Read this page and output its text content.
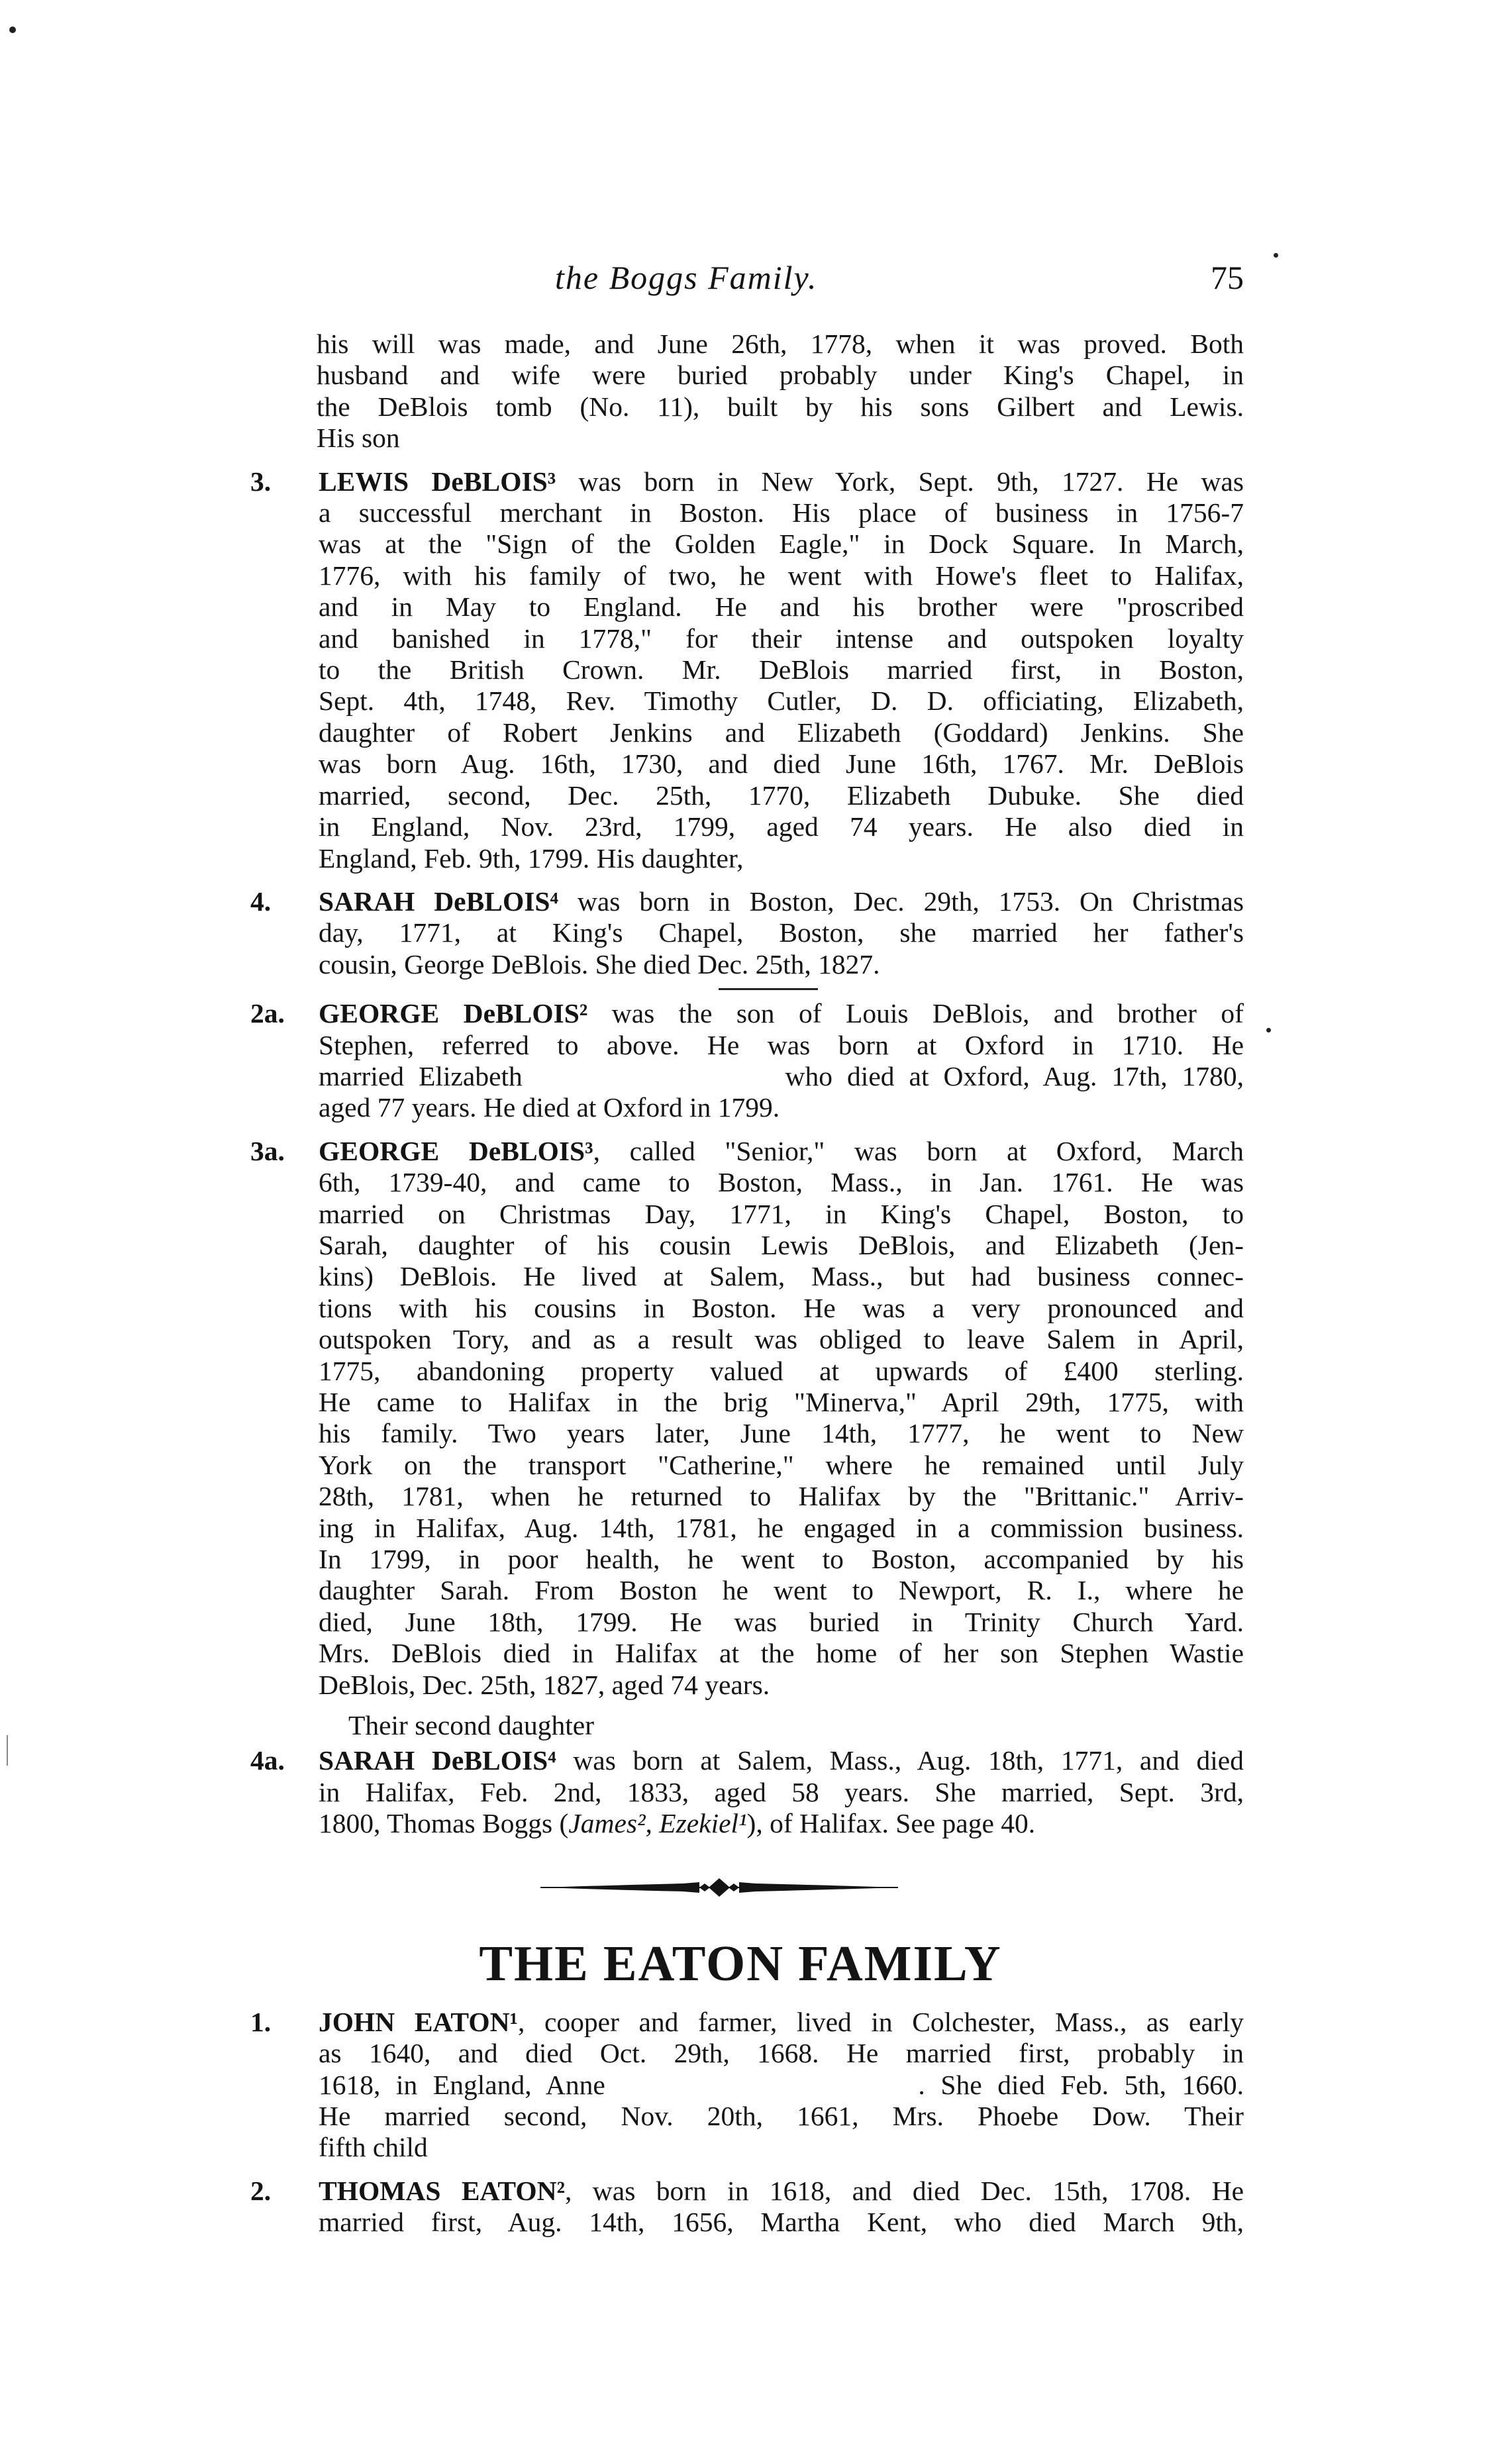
the Boggs Family.	75
his will was made, and June 26th, 1778, when it was proved. Both
husband and wife were buried probably under King's Chapel, in
the DeBlois tomb (No. 11), built by his sons Gilbert and Lewis.
His son
3. LEWIS DeBLOIS³ was born in New York, Sept. 9th, 1727. He was
a successful merchant in Boston. His place of business in 1756-7
was at the "Sign of the Golden Eagle," in Dock Square. In March,
1776, with his family of two, he went with Howe's fleet to Halifax,
and in May to England. He and his brother were "proscribed
and banished in 1778," for their intense and outspoken loyalty
to the British Crown. Mr. DeBlois married first, in Boston,
Sept. 4th, 1748, Rev. Timothy Cutler, D. D. officiating, Elizabeth,
daughter of Robert Jenkins and Elizabeth (Goddard) Jenkins. She
was born Aug. 16th, 1730, and died June 16th, 1767. Mr. DeBlois
married, second, Dec. 25th, 1770, Elizabeth Dubuke. She died
in England, Nov. 23rd, 1799, aged 74 years. He also died in
England, Feb. 9th, 1799. His daughter,
4. SARAH DeBLOIS⁴ was born in Boston, Dec. 29th, 1753. On Christmas
day, 1771, at King's Chapel, Boston, she married her father's
cousin, George DeBlois. She died Dec. 25th, 1827.
2a. GEORGE DeBLOIS² was the son of Louis DeBlois, and brother of
Stephen, referred to above. He was born at Oxford in 1710. He
married Elizabeth                  who died at Oxford, Aug. 17th, 1780,
aged 77 years. He died at Oxford in 1799.
3a. GEORGE DeBLOIS³, called "Senior," was born at Oxford, March
6th, 1739-40, and came to Boston, Mass., in Jan. 1761. He was
married on Christmas Day, 1771, in King's Chapel, Boston, to
Sarah, daughter of his cousin Lewis DeBlois, and Elizabeth (Jen-
kins) DeBlois. He lived at Salem, Mass., but had business connec-
tions with his cousins in Boston. He was a very pronounced and
outspoken Tory, and as a result was obliged to leave Salem in April,
1775, abandoning property valued at upwards of £400 sterling.
He came to Halifax in the brig "Minerva," April 29th, 1775, with
his family. Two years later, June 14th, 1777, he went to New
York on the transport "Catherine," where he remained until July
28th, 1781, when he returned to Halifax by the "Brittanic." Arriv-
ing in Halifax, Aug. 14th, 1781, he engaged in a commission business.
In 1799, in poor health, he went to Boston, accompanied by his
daughter Sarah. From Boston he went to Newport, R. I., where he
died, June 18th, 1799. He was buried in Trinity Church Yard.
Mrs. DeBlois died in Halifax at the home of her son Stephen Wastie
DeBlois, Dec. 25th, 1827, aged 74 years.
Their second daughter
4a. SARAH DeBLOIS⁴ was born at Salem, Mass., Aug. 18th, 1771, and died
in Halifax, Feb. 2nd, 1833, aged 58 years. She married, Sept. 3rd,
1800, Thomas Boggs (James², Ezekiel¹), of Halifax. See page 40.
THE EATON FAMILY
1. JOHN EATON¹, cooper and farmer, lived in Colchester, Mass., as early
as 1640, and died Oct. 29th, 1668. He married first, probably in
1618, in England, Anne                    . She died Feb. 5th, 1660.
He married second, Nov. 20th, 1661, Mrs. Phoebe Dow. Their
fifth child
2. THOMAS EATON², was born in 1618, and died Dec. 15th, 1708. He
married first, Aug. 14th, 1656, Martha Kent, who died March 9th,
